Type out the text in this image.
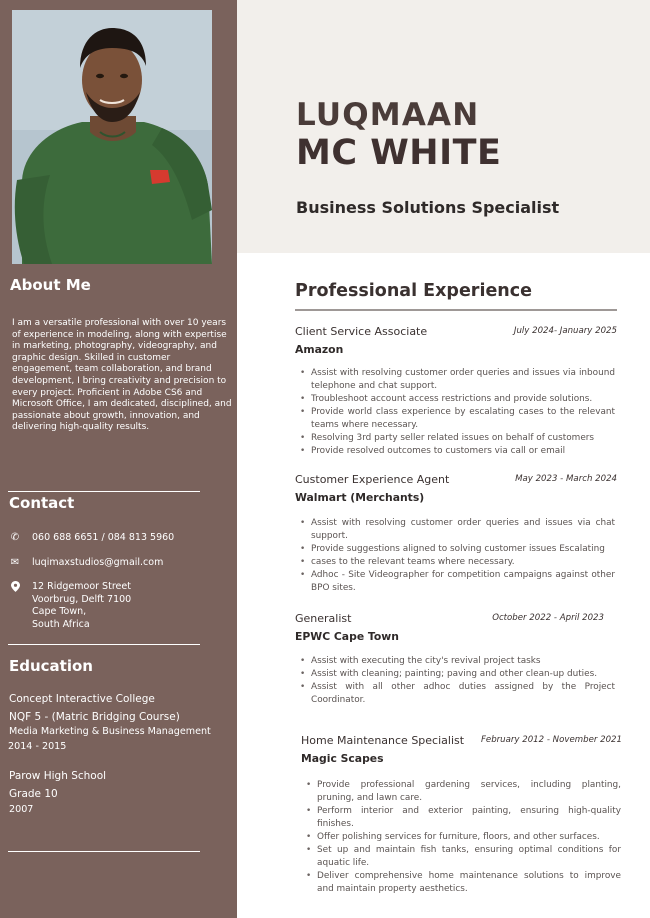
About Me

I am a versatile professional with over 10 years of experience in modeling, along with expertise in marketing, photography, videography, and graphic design. Skilled in customer engagement, team collaboration, and brand development, I bring creativity and precision to every project. Proficient in Adobe CS6 and Microsoft Office, I am dedicated, disciplined, and passionate about growth, innovation, and delivering high-quality results.

Contact
✆ 060 688 6651 / 084 813 5960
✉ luqimaxstudios@gmail.com
12 Ridgemoor Street
Voorbrug, Delft 7100
Cape Town,
South Africa
Education

Concept Interactive College

NQF 5 - (Matric Bridging Course)

Media Marketing & Business Management

2014 - 2015

Parow High School

Grade 10

2007

LUQMAAN
MC WHITE
Business Solutions Specialist
Professional Experience
Client Service Associate	July 2024- January 2025
Amazon
• Assist with resolving customer order queries and issues via inbound telephone and chat support.
• Troubleshoot account access restrictions and provide solutions.
• Provide world class experience by escalating cases to the relevant teams where necessary.
• Resolving 3rd party seller related issues on behalf of customers
• Provide resolved outcomes to customers via call or email
Customer Experience Agent	May 2023 - March 2024
Walmart (Merchants)
• Assist with resolving customer order queries and issues via chat support.
• Provide suggestions aligned to solving customer issues Escalating
• cases to the relevant teams where necessary.
• Adhoc - Site Videographer for competition campaigns against other BPO sites.
Generalist	October 2022 - April 2023
EPWC Cape Town
• Assist with executing the city's revival project tasks
• Assist with cleaning; painting; paving and other clean-up duties.
• Assist with all other adhoc duties assigned by the Project Coordinator.
Home Maintenance Specialist February 2012 - November 2021
Magic Scapes
• Provide professional gardening services, including planting, pruning, and lawn care.
• Perform interior and exterior painting, ensuring high-quality finishes.
• Offer polishing services for furniture, floors, and other surfaces.
• Set up and maintain fish tanks, ensuring optimal conditions for aquatic life.
• Deliver comprehensive home maintenance solutions to improve and maintain property aesthetics.
